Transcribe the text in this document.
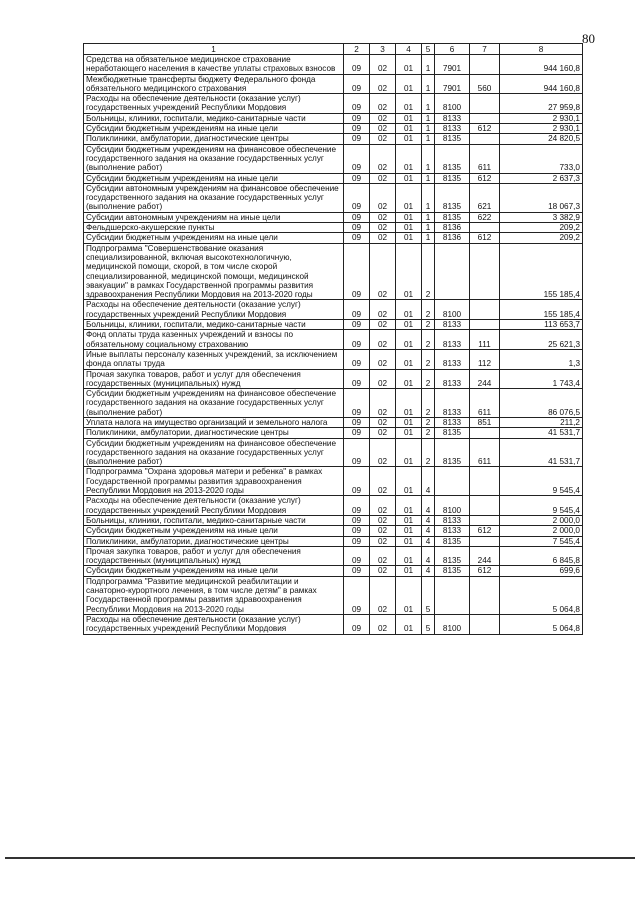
80
1	2	3	4	5	6	7	8
Средства на обязательное медицинское страхование неработающего населения в качестве уплаты страховых взносов	09	02	01	1	7901		944 160,8
Межбюджетные трансферты бюджету Федерального фонда обязательного медицинского страхования	09	02	01	1	7901	560	944 160,8
Расходы на обеспечение деятельности (оказание услуг) государственных учреждений Республики Мордовия	09	02	01	1	8100		27 959,8
Больницы, клиники, госпитали, медико-санитарные части	09	02	01	1	8133		2 930,1
Субсидии бюджетным учреждениям на иные цели	09	02	01	1	8133	612	2 930,1
Поликлиники, амбулатории, диагностические центры	09	02	01	1	8135		24 820,5
Субсидии бюджетным учреждениям на финансовое обеспечение государственного задания на оказание государственных услуг (выполнение работ)	09	02	01	1	8135	611	733,0
Субсидии бюджетным учреждениям на иные цели	09	02	01	1	8135	612	2 637,3
Субсидии автономным учреждениям на финансовое обеспечение государственного задания на оказание государственных услуг (выполнение работ)	09	02	01	1	8135	621	18 067,3
Субсидии автономным учреждениям на иные цели	09	02	01	1	8135	622	3 382,9
Фельдшерско-акушерские пункты	09	02	01	1	8136		209,2
Субсидии бюджетным учреждениям на иные цели	09	02	01	1	8136	612	209,2
Подпрограмма "Совершенствование оказания специализированной, включая высокотехнологичную, медицинской помощи, скорой, в том числе скорой специализированной, медицинской помощи, медицинской эвакуации" в рамках Государственной программы развития здравоохранения Республики Мордовия на 2013-2020 годы	09	02	01	2			155 185,4
Расходы на обеспечение деятельности (оказание услуг) государственных учреждений Республики Мордовия	09	02	01	2	8100		155 185,4
Больницы, клиники, госпитали, медико-санитарные части	09	02	01	2	8133		113 653,7
Фонд оплаты труда казенных учреждений и взносы по обязательному социальному страхованию	09	02	01	2	8133	111	25 621,3
Иные выплаты персоналу казенных учреждений, за исключением фонда оплаты труда	09	02	01	2	8133	112	1,3
Прочая закупка товаров, работ и услуг для обеспечения государственных (муниципальных) нужд	09	02	01	2	8133	244	1 743,4
Субсидии бюджетным учреждениям на финансовое обеспечение государственного задания на оказание государственных услуг (выполнение работ)	09	02	01	2	8133	611	86 076,5
Уплата налога на имущество организаций и земельного налога	09	02	01	2	8133	851	211,2
Поликлиники, амбулатории, диагностические центры	09	02	01	2	8135		41 531,7
Субсидии бюджетным учреждениям на финансовое обеспечение государственного задания на оказание государственных услуг (выполнение работ)	09	02	01	2	8135	611	41 531,7
Подпрограмма "Охрана здоровья матери и ребенка" в рамках Государственной программы развития здравоохранения Республики Мордовия на 2013-2020 годы	09	02	01	4			9 545,4
Расходы на обеспечение деятельности (оказание услуг) государственных учреждений Республики Мордовия	09	02	01	4	8100		9 545,4
Больницы, клиники, госпитали, медико-санитарные части	09	02	01	4	8133		2 000,0
Субсидии бюджетным учреждениям на иные цели	09	02	01	4	8133	612	2 000,0
Поликлиники, амбулатории, диагностические центры	09	02	01	4	8135		7 545,4
Прочая закупка товаров, работ и услуг для обеспечения государственных (муниципальных) нужд	09	02	01	4	8135	244	6 845,8
Субсидии бюджетным учреждениям на иные цели	09	02	01	4	8135	612	699,6
Подпрограмма "Развитие медицинской реабилитации и санаторно-курортного лечения, в том числе детям" в рамках Государственной программы развития здравоохранения Республики Мордовия на 2013-2020 годы	09	02	01	5			5 064,8
Расходы на обеспечение деятельности (оказание услуг) государственных учреждений Республики Мордовия	09	02	01	5	8100		5 064,8
